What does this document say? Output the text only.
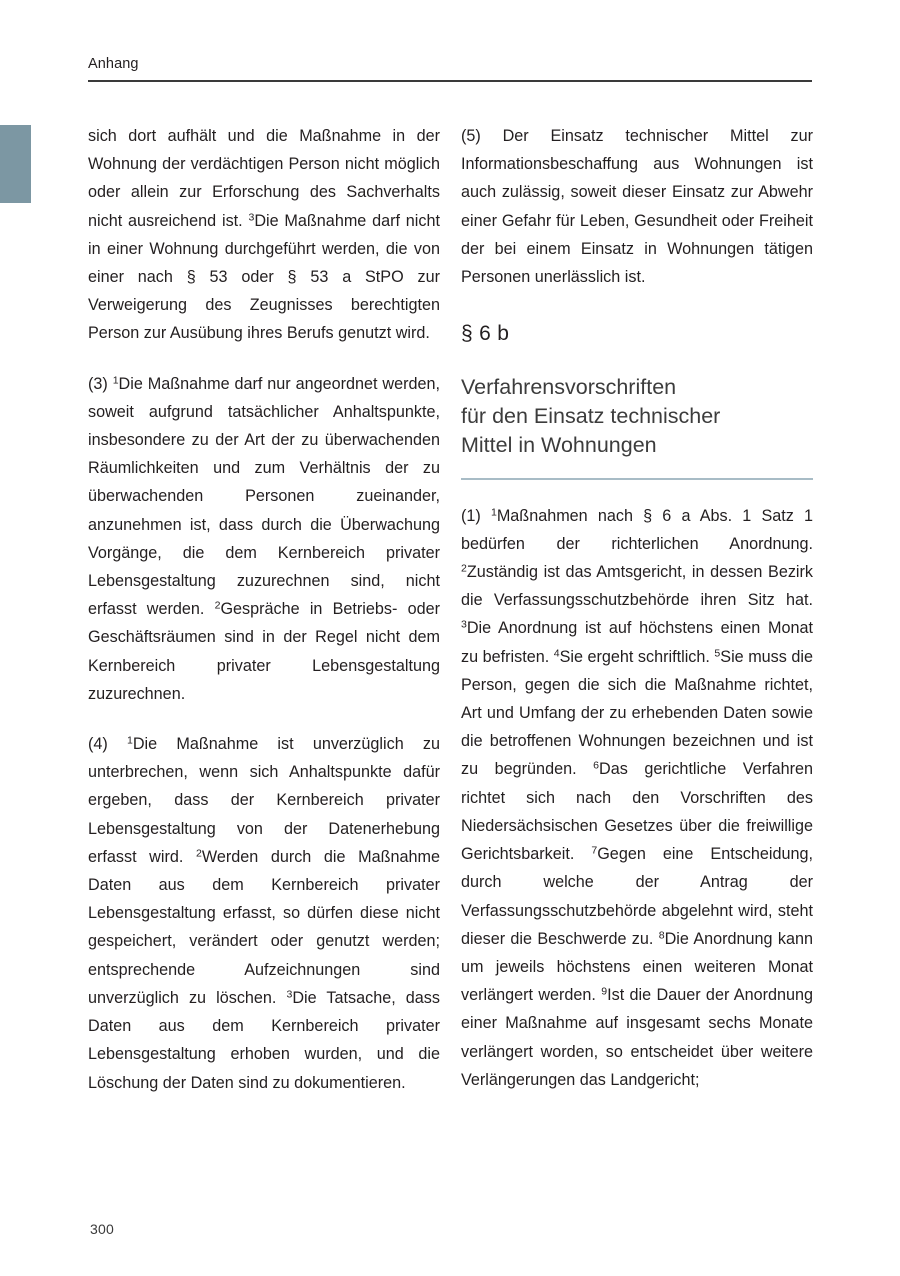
Anhang

sich dort aufhält und die Maßnahme in der Wohnung der verdächtigen Person nicht möglich oder allein zur Erforschung des Sachverhalts nicht ausreichend ist. $^3$Die Maßnahme darf nicht in einer Wohnung durchgeführt werden, die von einer nach § 53 oder § 53 a StPO zur Verweigerung des Zeugnisses berechtigten Person zur Ausübung ihres Berufs genutzt wird.

(3) $^1$Die Maßnahme darf nur angeordnet werden, soweit aufgrund tatsächlicher Anhaltspunkte, insbesondere zu der Art der zu überwachenden Räumlichkeiten und zum Verhältnis der zu überwachenden Personen zueinander, anzunehmen ist, dass durch die Überwachung Vorgänge, die dem Kernbereich privater Lebensgestaltung zuzurechnen sind, nicht erfasst werden. $^2$Gespräche in Betriebs- oder Geschäftsräumen sind in der Regel nicht dem Kernbereich privater Lebensgestaltung zuzurechnen.

(4) $^1$Die Maßnahme ist unverzüglich zu unterbrechen, wenn sich Anhaltspunkte dafür ergeben, dass der Kernbereich privater Lebensgestaltung von der Datenerhebung erfasst wird. $^2$Werden durch die Maßnahme Daten aus dem Kernbereich privater Lebensgestaltung erfasst, so dürfen diese nicht gespeichert, verändert oder genutzt werden; entsprechende Aufzeichnungen sind unverzüglich zu löschen. $^3$Die Tatsache, dass Daten aus dem Kernbereich privater Lebensgestaltung erhoben wurden, und die Löschung der Daten sind zu dokumentieren.

(5) Der Einsatz technischer Mittel zur Informationsbeschaffung aus Wohnungen ist auch zulässig, soweit dieser Einsatz zur Abwehr einer Gefahr für Leben, Gesundheit oder Freiheit der bei einem Einsatz in Wohnungen tätigen Personen unerlässlich ist.

§ 6 b
Verfahrensvorschriften
für den Einsatz technischer
Mittel in Wohnungen

(1) $^1$Maßnahmen nach § 6 a Abs. 1 Satz 1 bedürfen der richterlichen Anordnung. $^2$Zuständig ist das Amtsgericht, in dessen Bezirk die Verfassungsschutzbehörde ihren Sitz hat. $^3$Die Anordnung ist auf höchstens einen Monat zu befristen. $^4$Sie ergeht schriftlich. $^5$Sie muss die Person, gegen die sich die Maßnahme richtet, Art und Umfang der zu erhebenden Daten sowie die betroffenen Wohnungen bezeichnen und ist zu begründen. $^6$Das gerichtliche Verfahren richtet sich nach den Vorschriften des Niedersächsischen Gesetzes über die freiwillige Gerichtsbarkeit. $^7$Gegen eine Entscheidung, durch welche der Antrag der Verfassungsschutzbehörde abgelehnt wird, steht dieser die Beschwerde zu. $^8$Die Anordnung kann um jeweils höchstens einen weiteren Monat verlängert werden. $^9$Ist die Dauer der Anordnung einer Maßnahme auf insgesamt sechs Monate verlängert worden, so entscheidet über weitere Verlängerungen das Landgericht;

300
